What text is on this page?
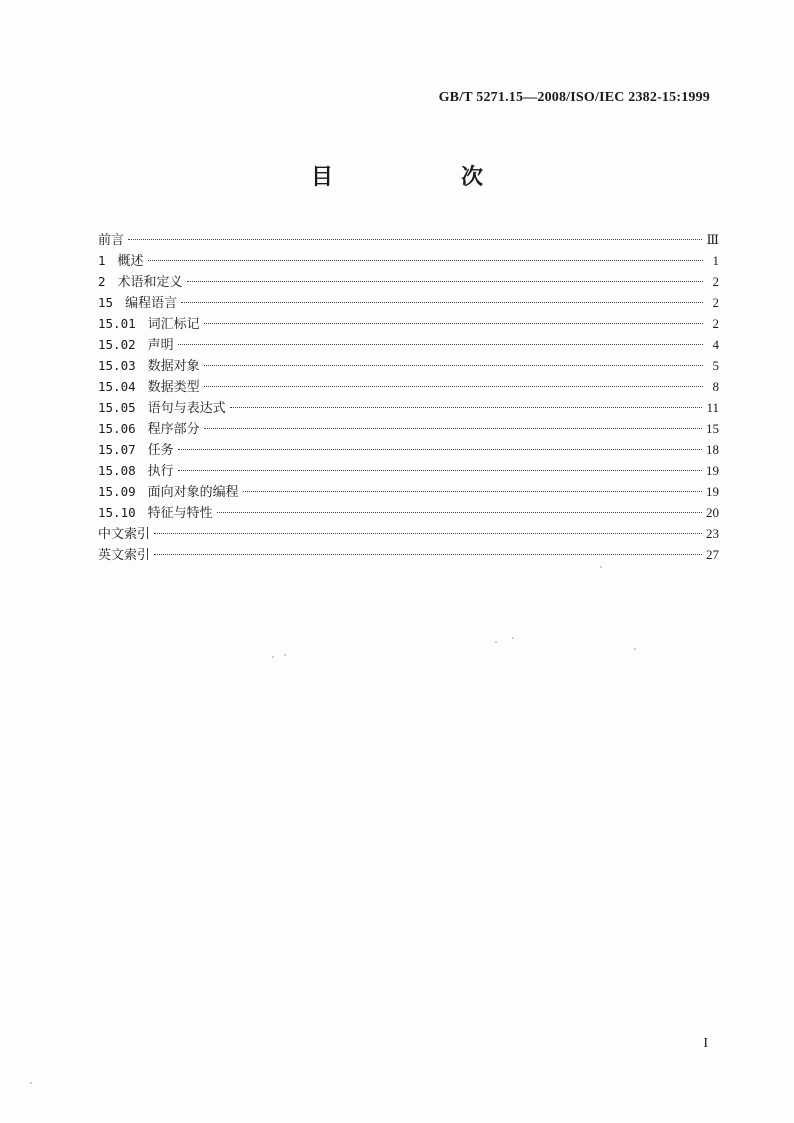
GB/T 5271.15—2008/ISO/IEC 2382-15:1999
目　　次
前言	Ⅲ
1 概述	1
2 术语和定义	2
15 编程语言	2
15.01 词汇标记	2
15.02 声明	4
15.03 数据对象	5
15.04 数据类型	8
15.05 语句与表达式	11
15.06 程序部分	15
15.07 任务	18
15.08 执行	19
15.09 面向对象的编程	19
15.10 特征与特性	20
中文索引	23
英文索引	27
I
